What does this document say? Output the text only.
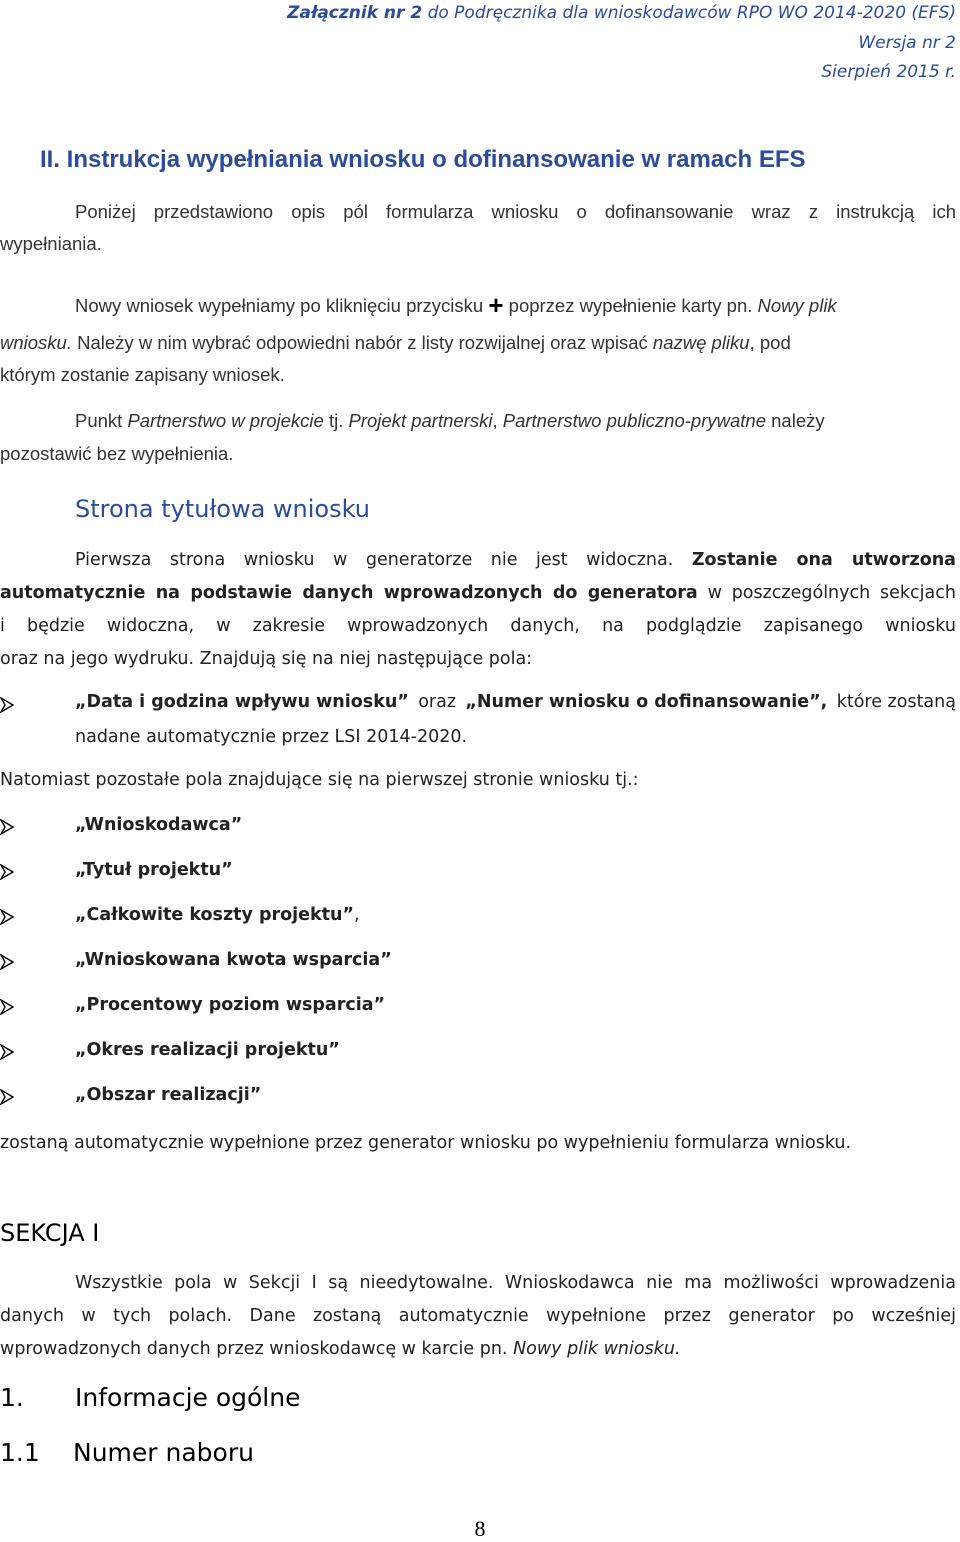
Załącznik nr 2 do Podręcznika dla wnioskodawców RPO WO 2014-2020 (EFS)
Wersja nr 2
Sierpień 2015 r.
II. Instrukcja wypełniania wniosku o dofinansowanie w ramach EFS
Poniżej przedstawiono opis pól formularza wniosku o dofinansowanie wraz z instrukcją ich
wypełniania.
Nowy wniosek wypełniamy po kliknięciu przycisku + poprzez wypełnienie karty pn. Nowy plik
wniosku. Należy w nim wybrać odpowiedni nabór z listy rozwijalnej oraz wpisać nazwę pliku, pod
którym zostanie zapisany wniosek.
Punkt Partnerstwo w projekcie tj. Projekt partnerski, Partnerstwo publiczno-prywatne należy
pozostawić bez wypełnienia.
Strona tytułowa wniosku
Pierwsza strona wniosku w generatorze nie jest widoczna. Zostanie ona utworzona
automatycznie na podstawie danych wprowadzonych do generatora w poszczególnych sekcjach
i będzie widoczna, w zakresie wprowadzonych danych, na podglądzie zapisanego wniosku
oraz na jego wydruku. Znajdują się na niej następujące pola:
„Data i godzina wpływu wniosku” oraz „Numer wniosku o dofinansowanie”, które zostaną
nadane automatycznie przez LSI 2014-2020.
Natomiast pozostałe pola znajdujące się na pierwszej stronie wniosku tj.:
„Wnioskodawca”
„Tytuł projektu”
„Całkowite koszty projektu”,
„Wnioskowana kwota wsparcia”
„Procentowy poziom wsparcia”
„Okres realizacji projektu”
„Obszar realizacji”
zostaną automatycznie wypełnione przez generator wniosku po wypełnieniu formularza wniosku.
SEKCJA I
Wszystkie pola w Sekcji I są nieedytowalne. Wnioskodawca nie ma możliwości wprowadzenia
danych w tych polach. Dane zostaną automatycznie wypełnione przez generator po wcześniej
wprowadzonych danych przez wnioskodawcę w karcie pn. Nowy plik wniosku.
1. Informacje ogólne
1.1 Numer naboru
8
